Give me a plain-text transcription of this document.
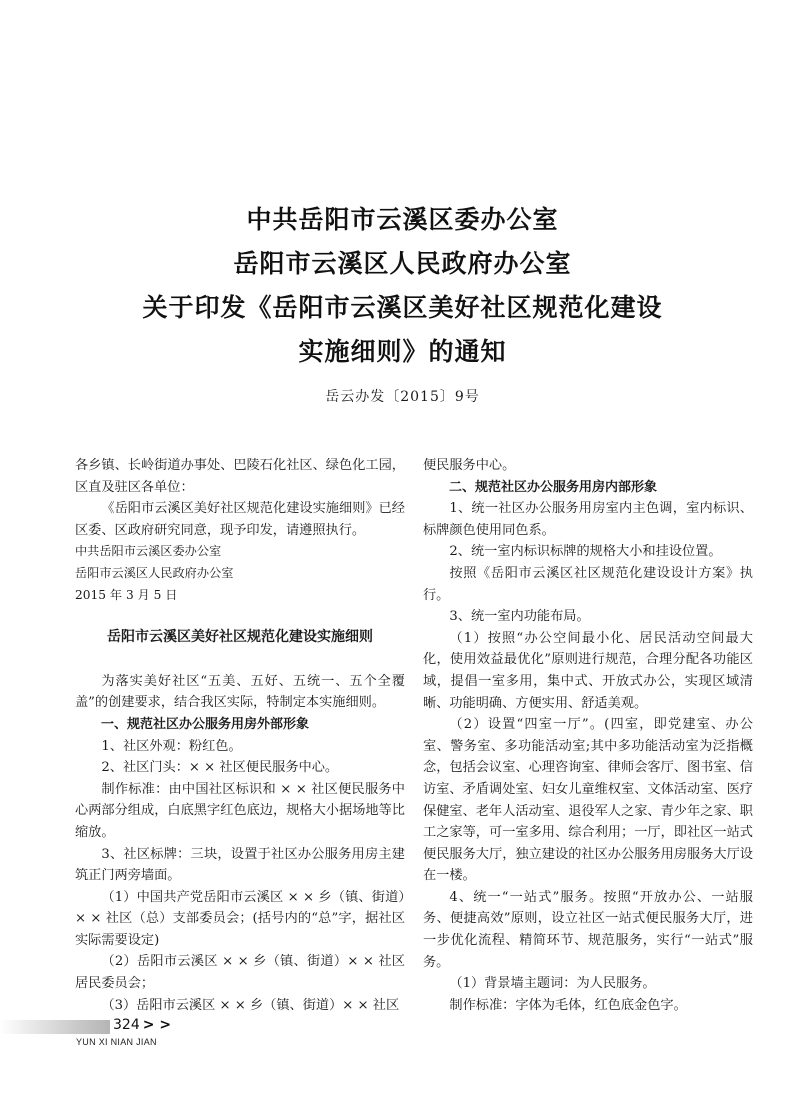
中共岳阳市云溪区委办公室
岳阳市云溪区人民政府办公室
关于印发《岳阳市云溪区美好社区规范化建设
实施细则》的通知
岳云办发〔2015〕9号

各乡镇、长岭街道办事处、巴陵石化社区、绿色化工园，区直及驻区各单位：

《岳阳市云溪区美好社区规范化建设实施细则》已经区委、区政府研究同意，现予印发，请遵照执行。

中共岳阳市云溪区委办公室

岳阳市云溪区人民政府办公室

2015 年 3 月 5 日

岳阳市云溪区美好社区规范化建设实施细则

为落实美好社区“五美、五好、五统一、五个全覆盖”的创建要求，结合我区实际，特制定本实施细则。

一、规范社区办公服务用房外部形象

1、社区外观：粉红色。

2、社区门头：× × 社区便民服务中心。

制作标准：由中国社区标识和 × × 社区便民服务中心两部分组成，白底黑字红色底边，规格大小据场地等比缩放。

3、社区标牌：三块，设置于社区办公服务用房主建筑正门两旁墙面。

（1）中国共产党岳阳市云溪区 × × 乡（镇、街道）× × 社区（总）支部委员会；(括号内的“总”字，据社区实际需要设定)

（2）岳阳市云溪区 × × 乡（镇、街道）× × 社区居民委员会；

（3）岳阳市云溪区 × × 乡（镇、街道）× × 社区

便民服务中心。

二、规范社区办公服务用房内部形象

1、统一社区办公服务用房室内主色调，室内标识、标牌颜色使用同色系。

2、统一室内标识标牌的规格大小和挂设位置。

按照《岳阳市云溪区社区规范化建设设计方案》执行。

3、统一室内功能布局。

（1）按照“办公空间最小化、居民活动空间最大化，使用效益最优化”原则进行规范，合理分配各功能区域，提倡一室多用，集中式、开放式办公，实现区域清晰、功能明确、方便实用、舒适美观。

（2）设置“四室一厅”。(四室，即党建室、办公室、警务室、多功能活动室;其中多功能活动室为泛指概念，包括会议室、心理咨询室、律师会客厅、图书室、信访室、矛盾调处室、妇女儿童维权室、文体活动室、医疗保健室、老年人活动室、退役军人之家、青少年之家、职工之家等，可一室多用、综合利用；一厅，即社区一站式便民服务大厅，独立建设的社区办公服务用房服务大厅设在一楼。

4、统一“一站式”服务。按照“开放办公、一站服务、便捷高效”原则，设立社区一站式便民服务大厅，进一步优化流程、精简环节、规范服务，实行“一站式”服务。

（1）背景墙主题词：为人民服务。

制作标准：字体为毛体，红色底金色字。

324 > >
YUN XI NIAN JIAN
